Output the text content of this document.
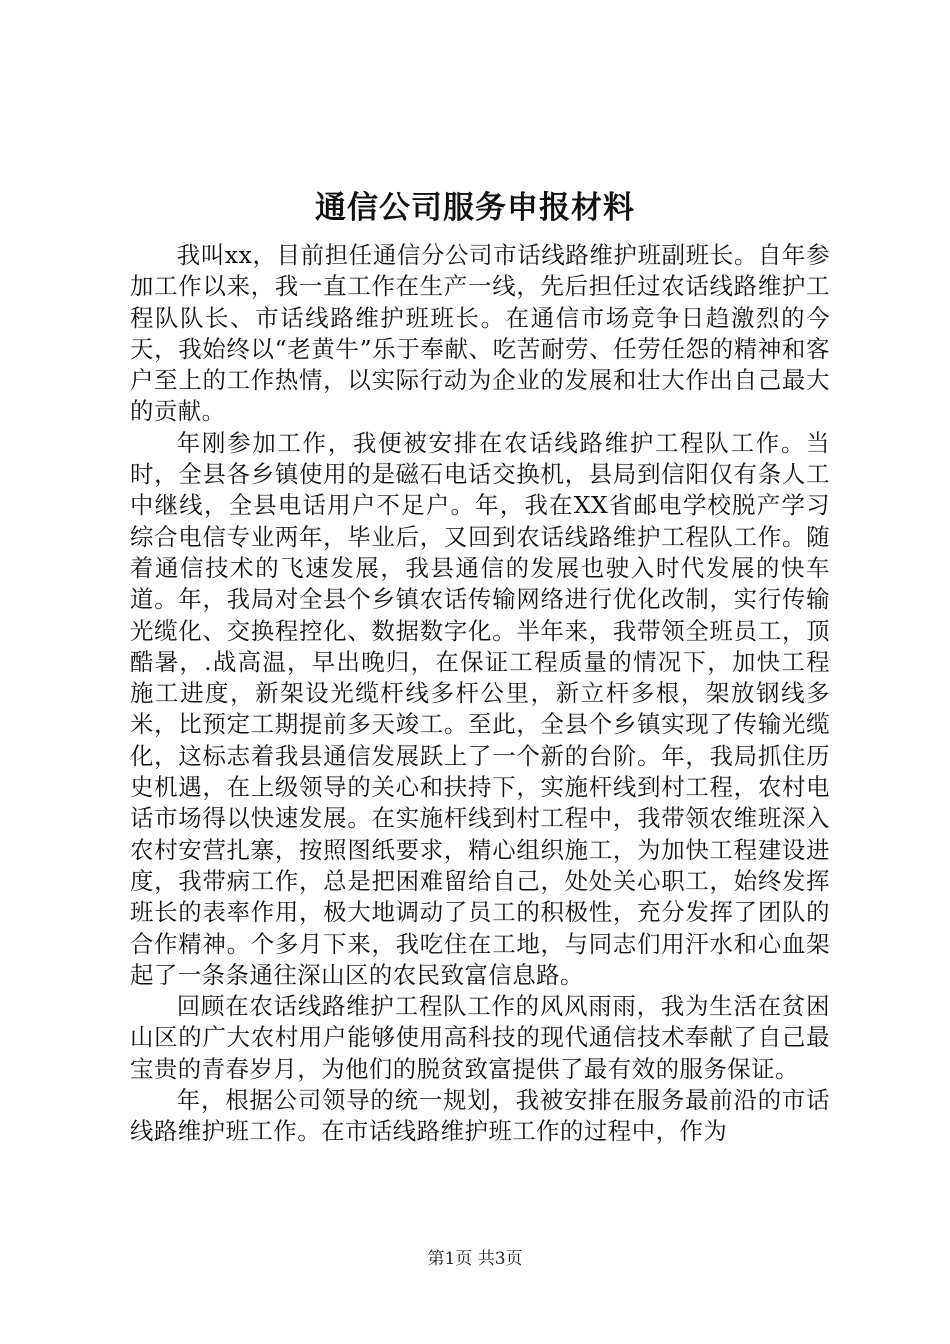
通信公司服务申报材料

我叫xx，目前担任通信分公司市话线路维护班副班长。自年参加工作以来，我一直工作在生产一线，先后担任过农话线路维护工程队队长、市话线路维护班班长。在通信市场竞争日趋激烈的今天，我始终以“老黄牛”乐于奉献、吃苦耐劳、任劳任怨的精神和客户至上的工作热情，以实际行动为企业的发展和壮大作出自己最大的贡献。

年刚参加工作，我便被安排在农话线路维护工程队工作。当时，全县各乡镇使用的是磁石电话交换机，县局到信阳仅有条人工中继线，全县电话用户不足户。年，我在XX省邮电学校脱产学习综合电信专业两年，毕业后，又回到农话线路维护工程队工作。随着通信技术的飞速发展，我县通信的发展也驶入时代发展的快车道。年，我局对全县个乡镇农话传输网络进行优化改制，实行传输光缆化、交换程控化、数据数字化。半年来，我带领全班员工，顶酷暑，.战高温，早出晚归，在保证工程质量的情况下，加快工程施工进度，新架设光缆杆线多杆公里，新立杆多根，架放钢线多米，比预定工期提前多天竣工。至此，全县个乡镇实现了传输光缆化，这标志着我县通信发展跃上了一个新的台阶。年，我局抓住历史机遇，在上级领导的关心和扶持下，实施杆线到村工程，农村电话市场得以快速发展。在实施杆线到村工程中，我带领农维班深入农村安营扎寨，按照图纸要求，精心组织施工，为加快工程建设进度，我带病工作，总是把困难留给自己，处处关心职工，始终发挥班长的表率作用，极大地调动了员工的积极性，充分发挥了团队的合作精神。个多月下来，我吃住在工地，与同志们用汗水和心血架起了一条条通往深山区的农民致富信息路。

回顾在农话线路维护工程队工作的风风雨雨，我为生活在贫困山区的广大农村用户能够使用高科技的现代通信技术奉献了自己最宝贵的青春岁月，为他们的脱贫致富提供了最有效的服务保证。

年，根据公司领导的统一规划，我被安排在服务最前沿的市话线路维护班工作。在市话线路维护班工作的过程中，作为

第1页 共3页
